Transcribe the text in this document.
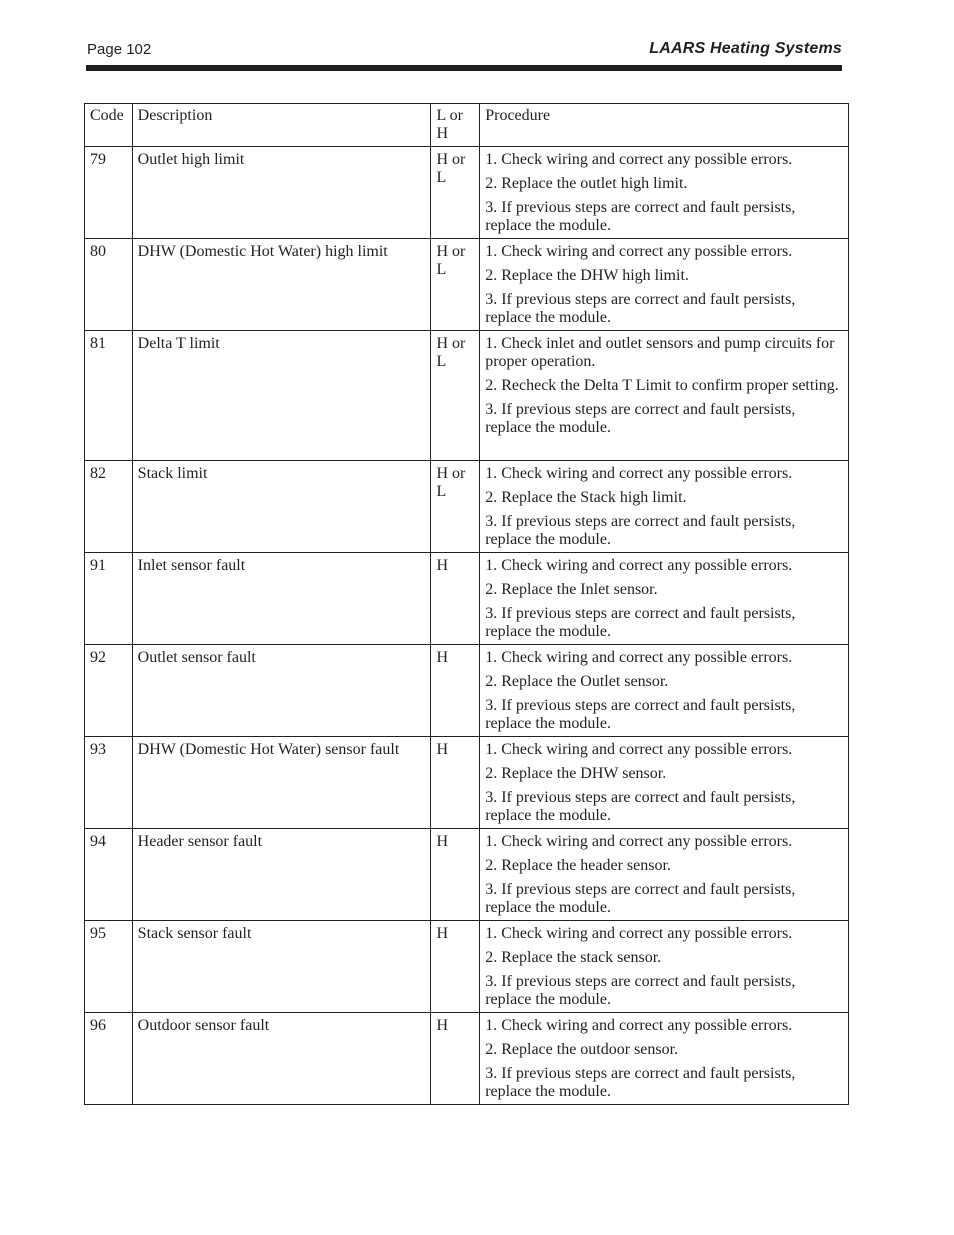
Page 102	LAARS Heating Systems
Code	Description	L or H	Procedure
79	Outlet high limit	H or L	1. Check wiring and correct any possible errors.
2. Replace the outlet high limit.
3. If previous steps are correct and fault persists, replace the module.

80	DHW (Domestic Hot Water) high limit	H or L	1. Check wiring and correct any possible errors.
2. Replace the DHW high limit.
3. If previous steps are correct and fault persists, replace the module.

81	Delta T limit	H or L	1. Check inlet and outlet sensors and pump circuits for proper operation.
2. Recheck the Delta T Limit to confirm proper setting.
3. If previous steps are correct and fault persists, replace the module.

82	Stack limit	H or L	1. Check wiring and correct any possible errors.
2. Replace the Stack high limit.
3. If previous steps are correct and fault persists, replace the module.

91	Inlet sensor fault	H	1. Check wiring and correct any possible errors.
2. Replace the Inlet sensor.
3. If previous steps are correct and fault persists, replace the module.

92	Outlet sensor fault	H	1. Check wiring and correct any possible errors.
2. Replace the Outlet sensor.
3. If previous steps are correct and fault persists, replace the module.

93	DHW (Domestic Hot Water) sensor fault	H	1. Check wiring and correct any possible errors.
2. Replace the DHW sensor.
3. If previous steps are correct and fault persists, replace the module.

94	Header sensor fault	H	1. Check wiring and correct any possible errors.
2. Replace the header sensor.
3. If previous steps are correct and fault persists, replace the module.

95	Stack sensor fault	H	1. Check wiring and correct any possible errors.
2. Replace the stack sensor.
3. If previous steps are correct and fault persists, replace the module.

96	Outdoor sensor fault	H	1. Check wiring and correct any possible errors.
2. Replace the outdoor sensor.
3. If previous steps are correct and fault persists, replace the module.
